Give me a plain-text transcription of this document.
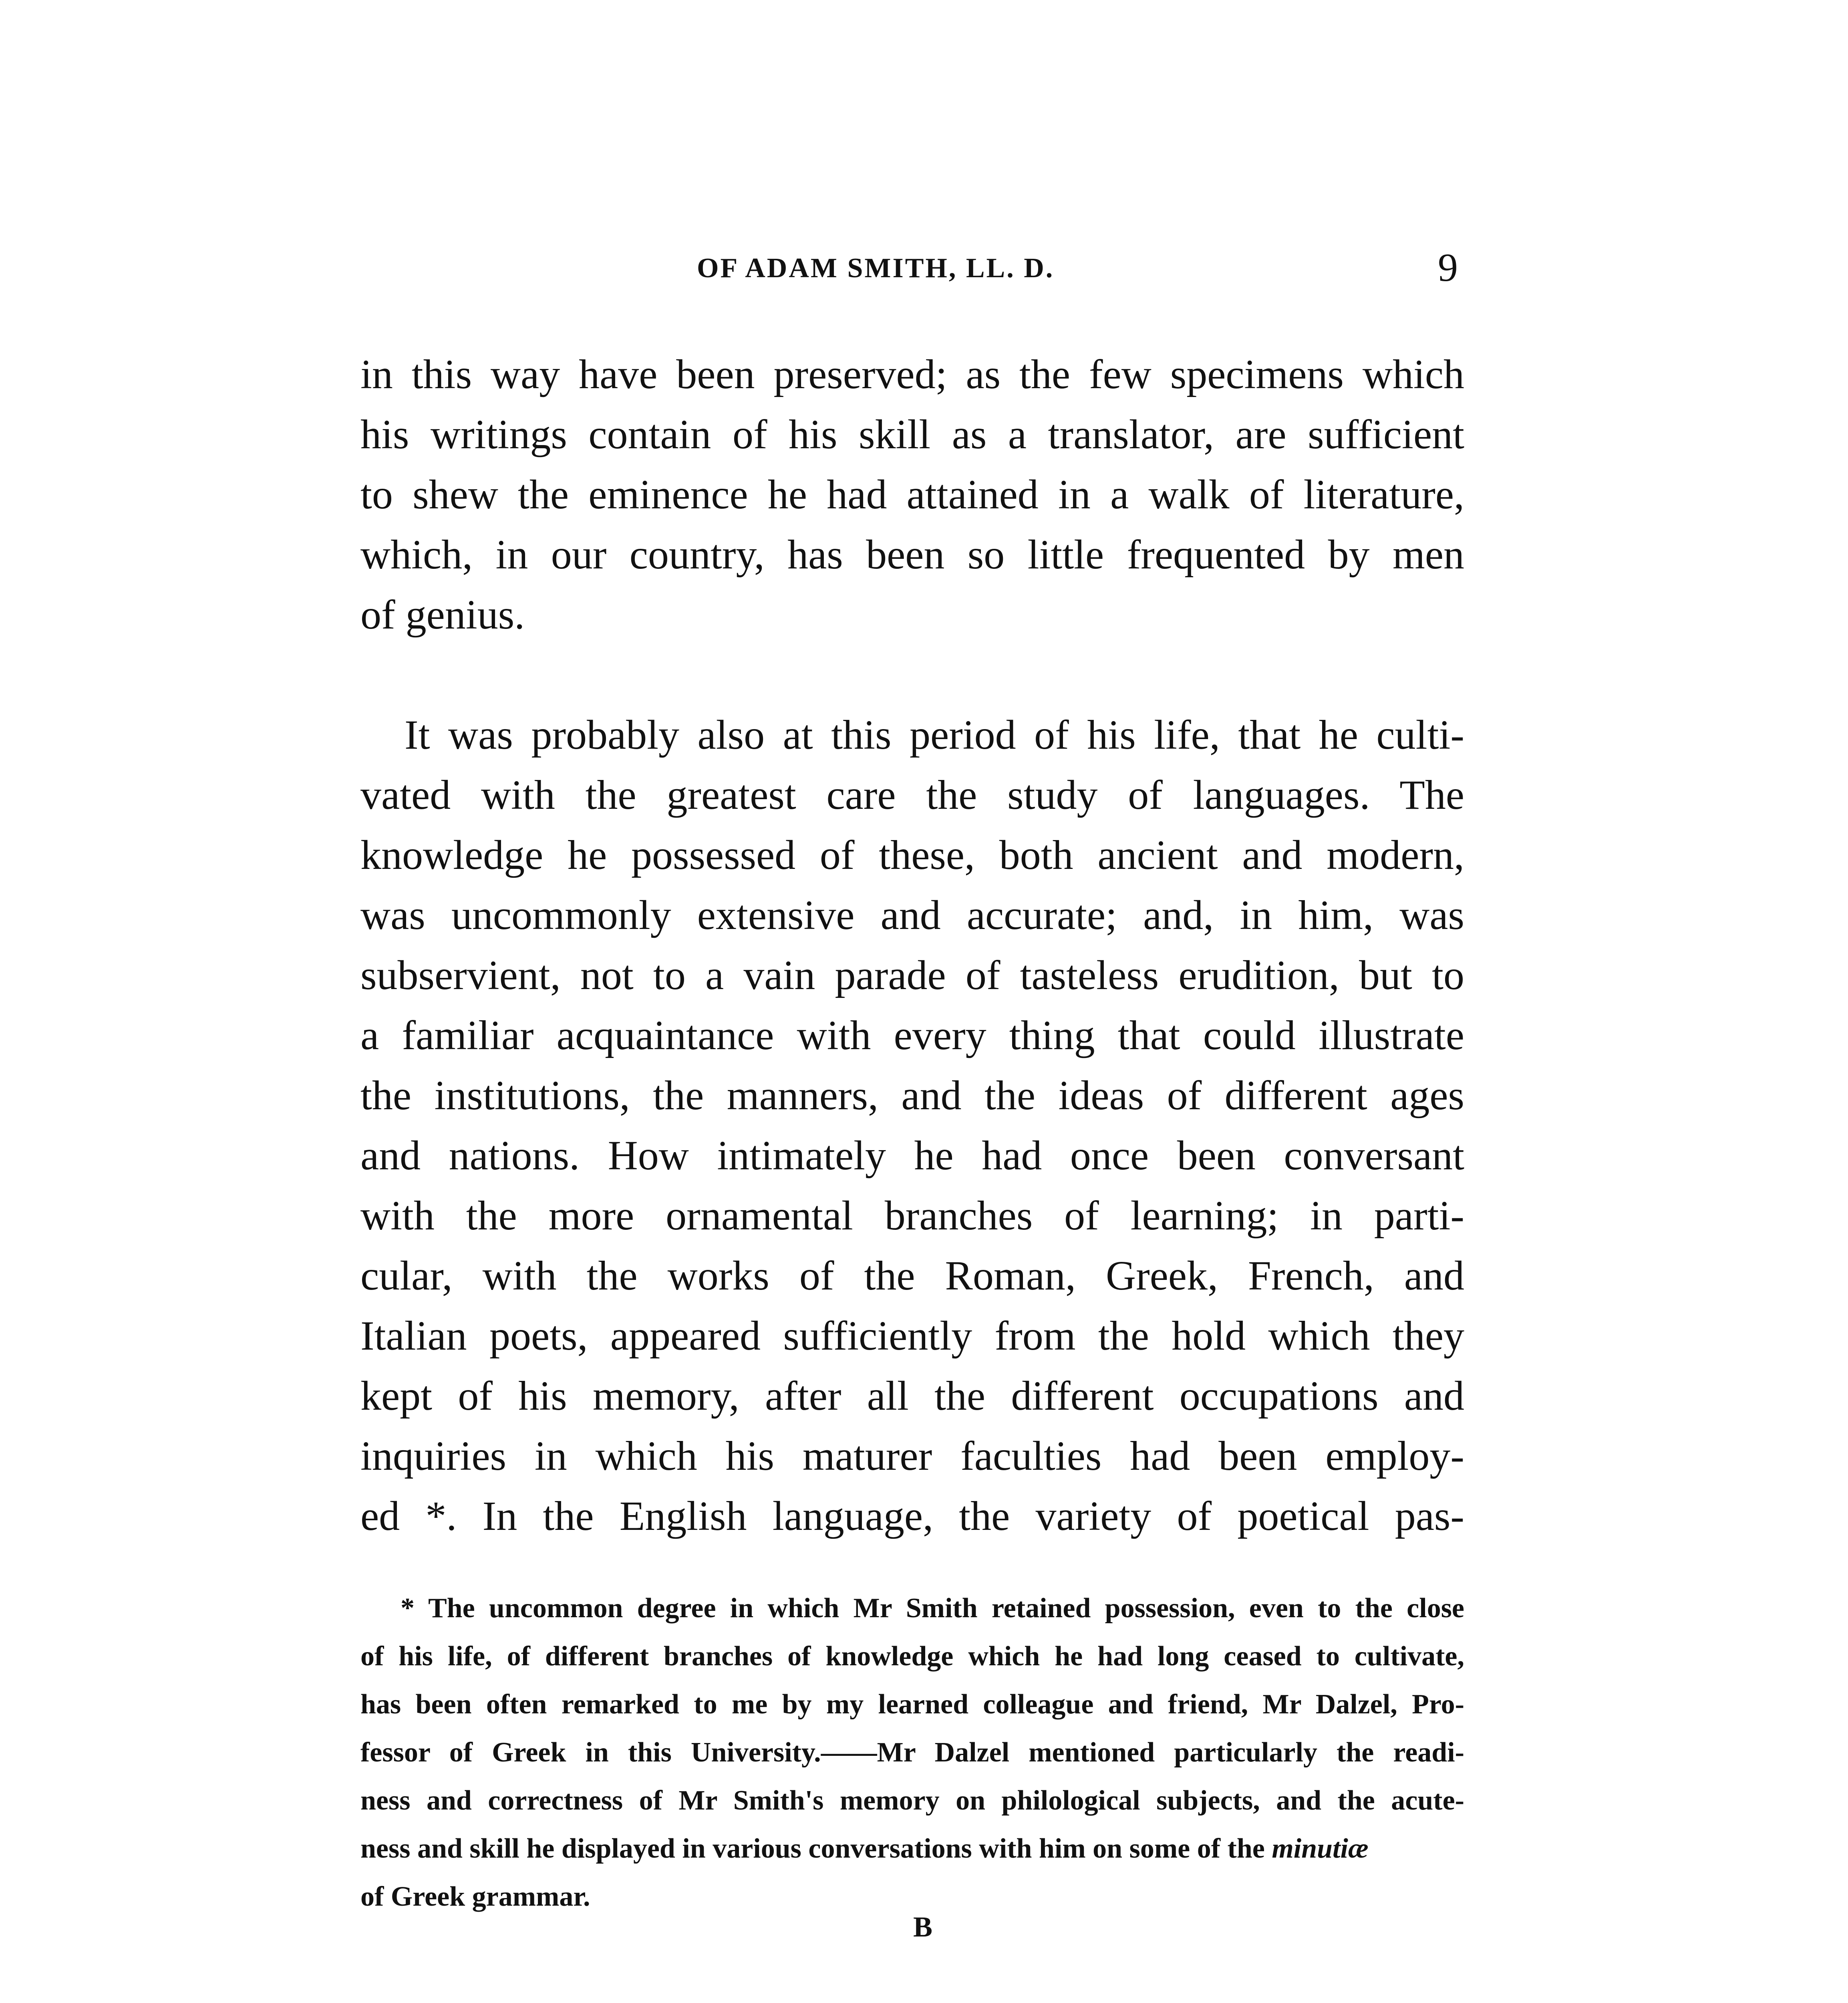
OF ADAM SMITH, LL. D.	9
in this way have been preserved; as the few specimens which
his writings contain of his skill as a translator, are sufficient
to shew the eminence he had attained in a walk of literature,
which, in our country, has been so little frequented by men
of genius.
It was probably also at this period of his life, that he culti-
vated with the greatest care the study of languages. The
knowledge he possessed of these, both ancient and modern,
was uncommonly extensive and accurate; and, in him, was
subservient, not to a vain parade of tasteless erudition, but to
a familiar acquaintance with every thing that could illustrate
the institutions, the manners, and the ideas of different ages
and nations. How intimately he had once been conversant
with the more ornamental branches of learning; in parti-
cular, with the works of the Roman, Greek, French, and
Italian poets, appeared sufficiently from the hold which they
kept of his memory, after all the different occupations and
inquiries in which his maturer faculties had been employ-
ed *. In the English language, the variety of poetical pas-
* The uncommon degree in which Mr Smith retained possession, even to the close
of his life, of different branches of knowledge which he had long ceased to cultivate,
has been often remarked to me by my learned colleague and friend, Mr Dalzel, Pro-
fessor of Greek in this University.——Mr Dalzel mentioned particularly the readi-
ness and correctness of Mr Smith's memory on philological subjects, and the acute-
ness and skill he displayed in various conversations with him on some of the minutiæ
of Greek grammar.
B
